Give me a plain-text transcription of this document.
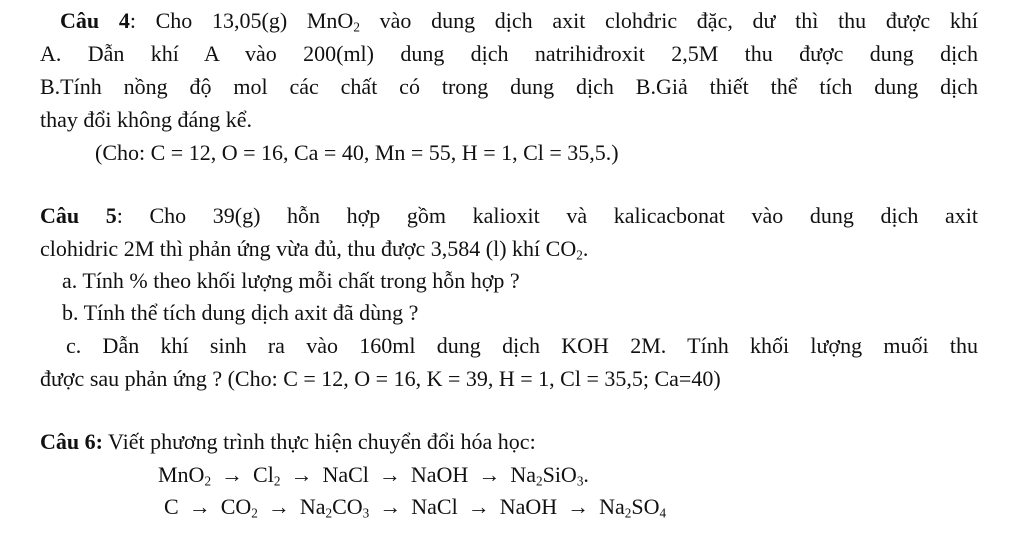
Câu 4: Cho 13,05(g) MnO$_2$ vào dung dịch axit clohđric đặc, dư thì thu được khí
A. Dẫn khí A vào 200(ml) dung dịch natrihiđroxit 2,5M thu được dung dịch
B.Tính nồng độ mol các chất có trong dung dịch B.Giả thiết thể tích dung dịch
thay đổi không đáng kể.
(Cho: C = 12, O = 16, Ca = 40, Mn = 55, H = 1, Cl = 35,5.)
Câu 5: Cho 39(g) hỗn hợp gồm kalioxit và kalicacbonat vào dung dịch axit
clohidric 2M thì phản ứng vừa đủ, thu được 3,584 (l) khí $CO_2$.
a. Tính % theo khối lượng mỗi chất trong hỗn hợp ?
b. Tính thể tích dung dịch axit đã dùng ?
c. Dẫn khí sinh ra vào 160ml dung dịch KOH 2M. Tính khối lượng muối thu
được sau phản ứng ? (Cho: C = 12, O = 16, K = 39, H = 1, Cl = 35,5; Ca=40)
Câu 6: Viết phương trình thực hiện chuyển đổi hóa học:
$MnO_2 \to Cl_2$ → NaCl → NaOH → $Na_2SiO_3$.
$C \to CO_2 \to Na_2CO_3$ → NaCl → NaOH → $Na_2SO_4$
